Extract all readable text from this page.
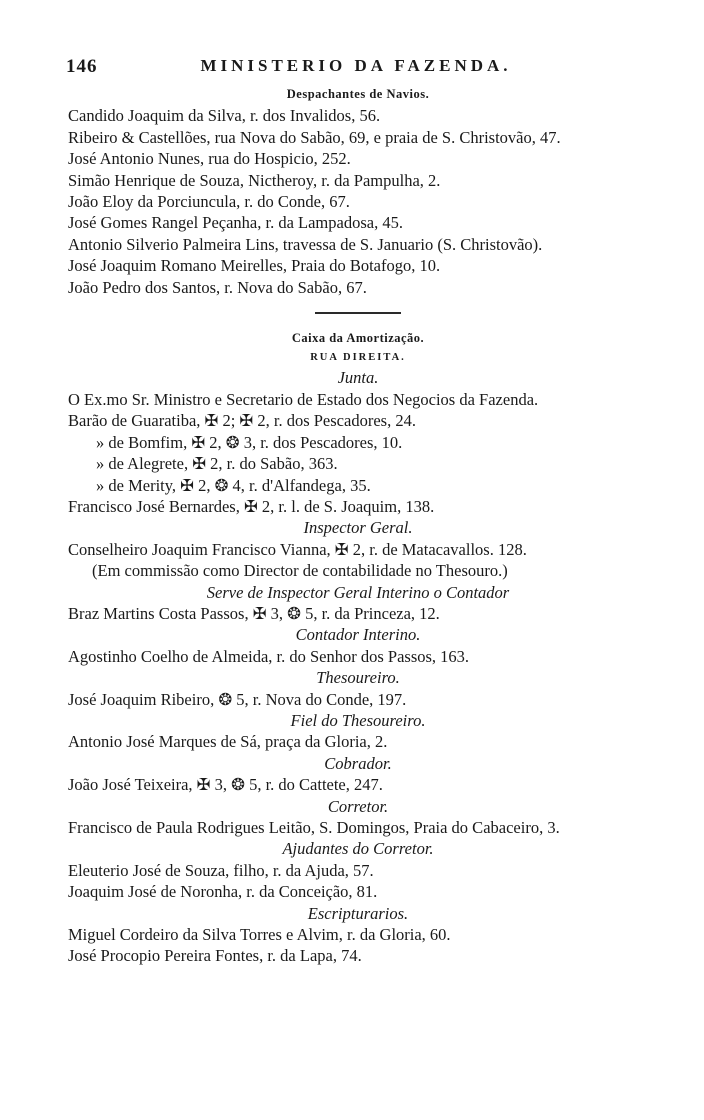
146	MINISTERIO DA FAZENDA.
Despachantes de Navios.
Candido Joaquim da Silva, r. dos Invalidos, 56.
Ribeiro & Castellões, rua Nova do Sabão, 69, e praia de S. Christovão, 47.
José Antonio Nunes, rua do Hospicio, 252.
Simão Henrique de Souza, Nictheroy, r. da Pampulha, 2.
João Eloy da Porciuncula, r. do Conde, 67.
José Gomes Rangel Peçanha, r. da Lampadosa, 45.
Antonio Silverio Palmeira Lins, travessa de S. Januario (S. Christovão).
José Joaquim Romano Meirelles, Praia do Botafogo, 10.
João Pedro dos Santos, r. Nova do Sabão, 67.
Caixa da Amortização.
RUA DIREITA.
Junta.
O Ex.mo Sr. Ministro e Secretario de Estado dos Negocios da Fazenda.
Barão de Guaratiba, ✠ 2; ✠ 2, r. dos Pescadores, 24.
» de Bomfim, ✠ 2, ❂ 3, r. dos Pescadores, 10.
» de Alegrete, ✠ 2, r. do Sabão, 363.
» de Merity, ✠ 2, ❂ 4, r. d'Alfandega, 35.
Francisco José Bernardes, ✠ 2, r. l. de S. Joaquim, 138.
Inspector Geral.
Conselheiro Joaquim Francisco Vianna, ✠ 2, r. de Matacavallos. 128.
(Em commissão como Director de contabilidade no Thesouro.)
Serve de Inspector Geral Interino o Contador
Braz Martins Costa Passos, ✠ 3, ❂ 5, r. da Princeza, 12.
Contador Interino.
Agostinho Coelho de Almeida, r. do Senhor dos Passos, 163.
Thesoureiro.
José Joaquim Ribeiro, ❂ 5, r. Nova do Conde, 197.
Fiel do Thesoureiro.
Antonio José Marques de Sá, praça da Gloria, 2.
Cobrador.
João José Teixeira, ✠ 3, ❂ 5, r. do Cattete, 247.
Corretor.
Francisco de Paula Rodrigues Leitão, S. Domingos, Praia do Cabaceiro, 3.
Ajudantes do Corretor.
Eleuterio José de Souza, filho, r. da Ajuda, 57.
Joaquim José de Noronha, r. da Conceição, 81.
Escripturarios.
Miguel Cordeiro da Silva Torres e Alvim, r. da Gloria, 60.
José Procopio Pereira Fontes, r. da Lapa, 74.
